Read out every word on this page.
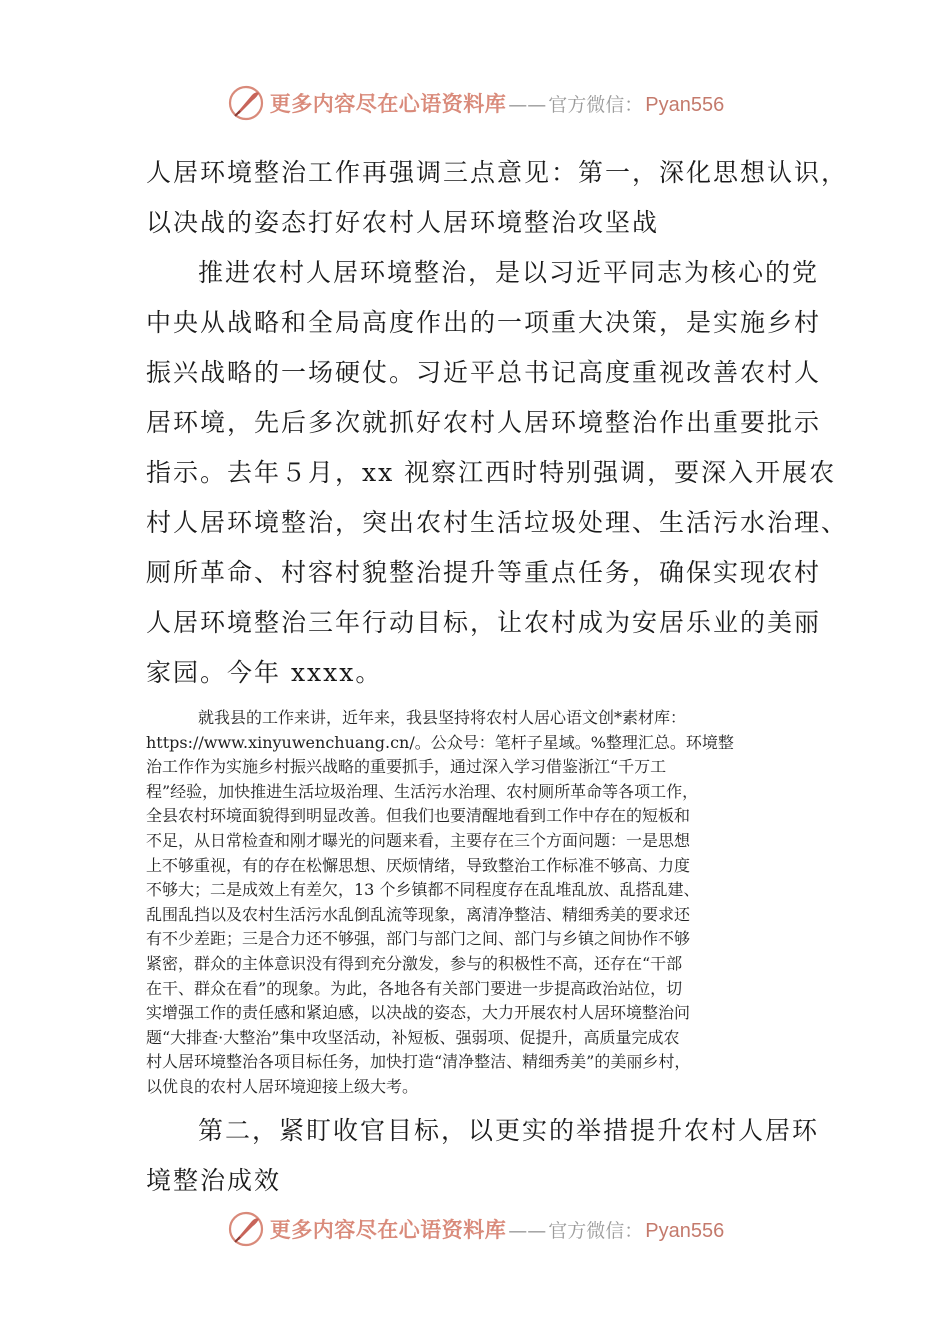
更多内容尽在心语资料库 —— 官方微信： Pyan556
人居环境整治工作再强调三点意见：第一，深化思想认识，
以决战的姿态打好农村人居环境整治攻坚战
推进农村人居环境整治，是以习近平同志为核心的党
中央从战略和全局高度作出的一项重大决策，是实施乡村
振兴战略的一场硬仗。习近平总书记高度重视改善农村人
居环境，先后多次就抓好农村人居环境整治作出重要批示
指示。去年５月，xx 视察江西时特别强调，要深入开展农
村人居环境整治，突出农村生活垃圾处理、生活污水治理、
厕所革命、村容村貌整治提升等重点任务，确保实现农村
人居环境整治三年行动目标，让农村成为安居乐业的美丽
家园。今年 xxxx。
就我县的工作来讲，近年来，我县坚持将农村人居心语文创*素材库：
https://www.xinyuwenchuang.cn/。公众号：笔杆子星域。%整理汇总。环境整
治工作作为实施乡村振兴战略的重要抓手，通过深入学习借鉴浙江“千万工
程”经验，加快推进生活垃圾治理、生活污水治理、农村厕所革命等各项工作，
全县农村环境面貌得到明显改善。但我们也要清醒地看到工作中存在的短板和
不足，从日常检查和刚才曝光的问题来看，主要存在三个方面问题：一是思想
上不够重视，有的存在松懈思想、厌烦情绪，导致整治工作标准不够高、力度
不够大；二是成效上有差欠，13 个乡镇都不同程度存在乱堆乱放、乱搭乱建、
乱围乱挡以及农村生活污水乱倒乱流等现象，离清净整洁、精细秀美的要求还
有不少差距；三是合力还不够强，部门与部门之间、部门与乡镇之间协作不够
紧密，群众的主体意识没有得到充分激发，参与的积极性不高，还存在“干部
在干、群众在看”的现象。为此，各地各有关部门要进一步提高政治站位，切
实增强工作的责任感和紧迫感，以决战的姿态，大力开展农村人居环境整治问
题“大排查·大整治”集中攻坚活动，补短板、强弱项、促提升，高质量完成农
村人居环境整治各项目标任务，加快打造“清净整洁、精细秀美”的美丽乡村，
以优良的农村人居环境迎接上级大考。
第二，紧盯收官目标，以更实的举措提升农村人居环
境整治成效
更多内容尽在心语资料库 —— 官方微信： Pyan556
